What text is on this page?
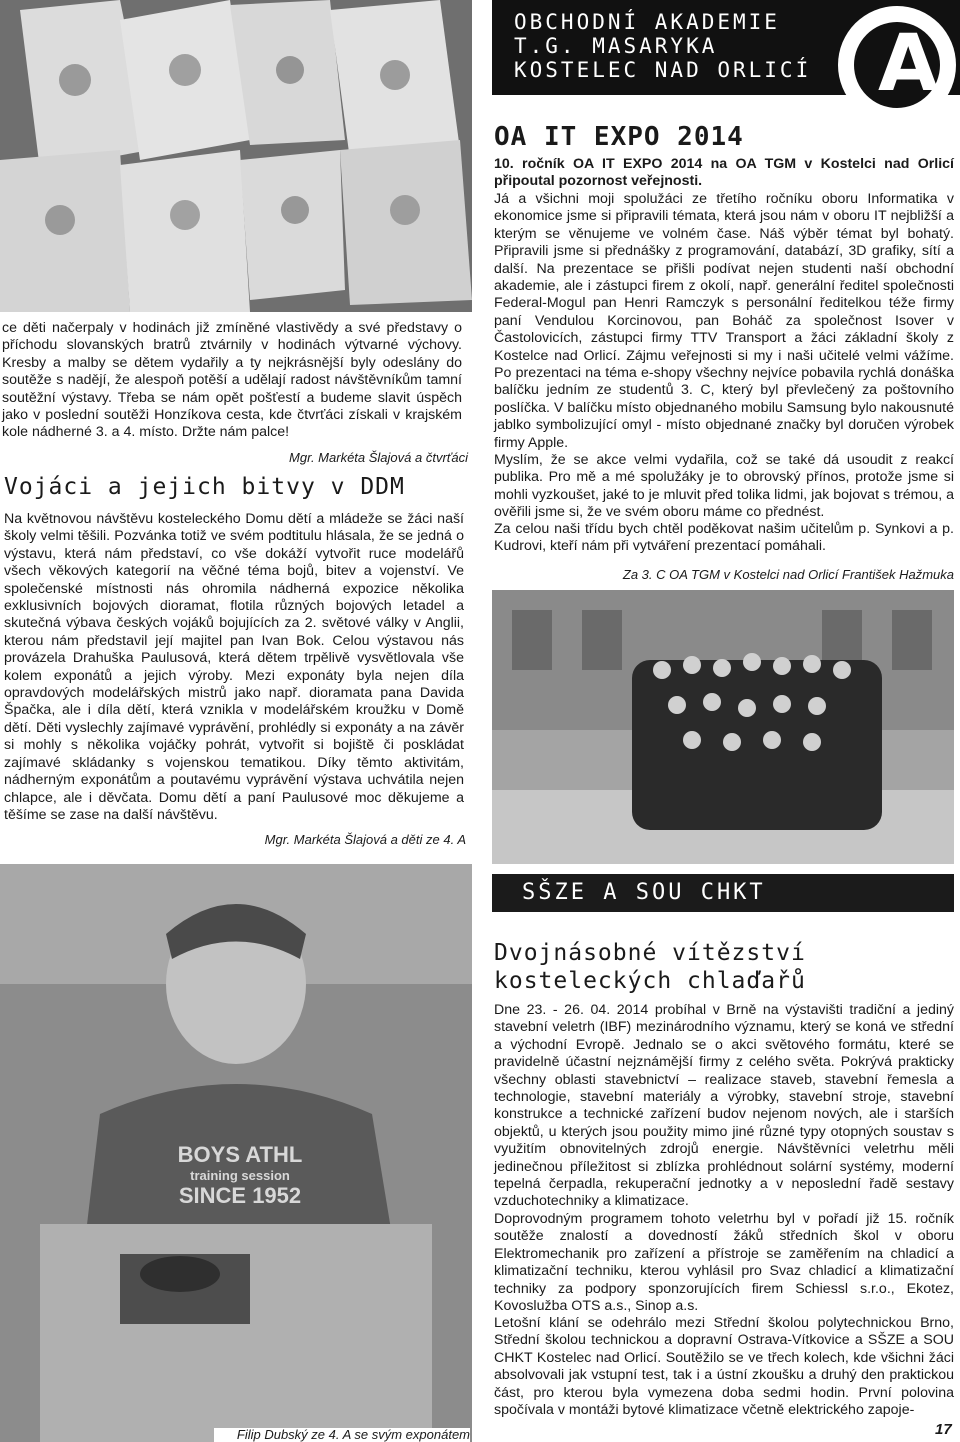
OBCHODNÍ AKADEMIE
T.G. MASARYKA
KOSTELEC NAD ORLICÍ A

ce děti načerpaly v hodinách již zmíněné vlastivědy a své představy o příchodu slovanských bratrů ztvárnily v hodinách výtvarné výchovy. Kresby a malby se dětem vydařily a ty nejkrásnější byly odeslány do soutěže s nadějí, že alespoň potěší a udělají radost návštěvníkům tamní soutěžní výstavy. Třeba se nám opět pošťestí a budeme slavit úspěch jako v poslední soutěži Honzíkova cesta, kde čtvrťáci získali v krajském kole nádherné 3. a 4. místo. Držte nám palce!

Mgr. Markéta Šlajová a čtvrťáci

Vojáci a jejich bitvy v DDM

Na květnovou návštěvu kosteleckého Domu dětí a mládeže se žáci naší školy velmi těšili. Pozvánka totiž ve svém podtitulu hlásala, že se jedná o výstavu, která nám představí, co vše dokáží vytvořit ruce modelářů všech věkových kategorií na věčné téma bojů, bitev a vojenství. Ve společenské místnosti nás ohromila nádherná expozice několika exklusivních bojových dioramat, flotila různých bojových letadel a skutečná výbava českých vojáků bojujících za 2. světové války v Anglii, kterou nám představil její majitel pan Ivan Bok. Celou výstavou nás provázela Drahuška Paulusová, která dětem trpělivě vysvětlovala vše kolem exponátů a jejich výroby. Mezi exponáty byla nejen díla opravdových modelářských mistrů jako např. dioramata pana Davida Špačka, ale i díla dětí, která vznikla v modelářském kroužku v Domě dětí. Děti vyslechly zajímavé vyprávění, prohlédly si exponáty a na závěr si mohly s několika vojáčky pohrát, vytvořit si bojiště či poskládat zajímavé skládanky s vojenskou tematikou. Díky těmto aktivitám, nádherným exponátům a poutavému vyprávění výstava uchvátila nejen chlapce, ale i děvčata. Domu dětí a paní Paulusové moc děkujeme a těšíme se zase na další návštěvu.

Mgr. Markéta Šlajová a děti ze 4. A

BOYS ATHL
training session
SINCE 1952

Filip Dubský ze 4. A se svým exponátem

OA IT EXPO 2014

10. ročník OA IT EXPO 2014 na OA TGM v Kostelci nad Orlicí připoutal pozornost veřejnosti.

Já a všichni moji spolužáci ze třetího ročníku oboru Informatika v ekonomice jsme si připravili témata, která jsou nám v oboru IT nejbližší a kterým se věnujeme ve volném čase. Náš výběr témat byl bohatý. Připravili jsme si přednášky z programování, databází, 3D grafiky, sítí a další. Na prezentace se přišli podívat nejen studenti naší obchodní akademie, ale i zástupci firem z okolí, např. generální ředitel společnosti Federal-Mogul pan Henri Ramczyk s personální ředitelkou téže firmy paní Vendulou Korcinovou, pan Boháč za společnost Isover v Častolovicích, zástupci firmy TTV Transport a žáci základní školy z Kostelce nad Orlicí. Zájmu veřejnosti si my i naši učitelé velmi vážíme. Po prezentaci na téma e-shopy všechny nejvíce pobavila rychlá donáška balíčku jedním ze studentů 3. C, který byl převlečený za poštovního poslíčka. V balíčku místo objednaného mobilu Samsung bylo nakousnuté jablko symbolizující omyl - místo objednané značky byl doručen výrobek firmy Apple.

Myslím, že se akce velmi vydařila, což se také dá usoudit z reakcí publika. Pro mě a mé spolužáky je to obrovský přínos, protože jsme si mohli vyzkoušet, jaké to je mluvit před tolika lidmi, jak bojovat s trémou, a ověřili jsme si, že ve svém oboru máme co přednést.

Za celou naši třídu bych chtěl poděkovat našim učitelům p. Synkovi a p. Kudrovi, kteří nám při vytváření prezentací pomáhali.

Za 3. C OA TGM v Kostelci nad Orlicí František Hažmuka

SŠZE A SOU CHKT
Dvojnásobné vítězství
kosteleckých chlaďařů

Dne 23. - 26. 04. 2014 probíhal v Brně na výstavišti tradiční a jediný stavební veletrh (IBF) mezinárodního významu, který se koná ve střední a východní Evropě. Jednalo se o akci světového formátu, které se pravidelně účastní nejznámější firmy z celého světa. Pokrývá prakticky všechny oblasti stavebnictví – realizace staveb, stavební řemesla a technologie, stavební materiály a výrobky, stavební stroje, stavební konstrukce a technické zařízení budov nejenom nových, ale i starších objektů, u kterých jsou použity mimo jiné různé typy otopných soustav s využitím obnovitelných zdrojů energie. Návštěvníci veletrhu měli jedinečnou příležitost si zblízka prohlédnout solární systémy, moderní tepelná čerpadla, rekuperační jednotky a v neposlední řadě sestavy vzduchotechniky a klimatizace.

Doprovodným programem tohoto veletrhu byl v pořadí již 15. ročník soutěže znalostí a dovedností žáků středních škol v oboru Elektromechanik pro zařízení a přístroje se zaměřením na chladicí a klimatizační techniku, kterou vyhlásil pro Svaz chladicí a klimatizační techniky za podpory sponzorujících firem Schiessl s.r.o., Ekotez, Kovoslužba OTS a.s., Sinop a.s.

Letošní klání se odehrálo mezi Střední školou polytechnickou Brno, Střední školou technickou a dopravní Ostrava-Vítkovice a SŠZE a SOU CHKT Kostelec nad Orlicí. Soutěžilo se ve třech kolech, kde všichni žáci absolvovali jak vstupní test, tak i a ústní zkoušku a druhý den praktickou část, pro kterou byla vymezena doba sedmi hodin. První polovina spočívala v montáži bytové klimatizace včetně elektrického zapoje-

17
